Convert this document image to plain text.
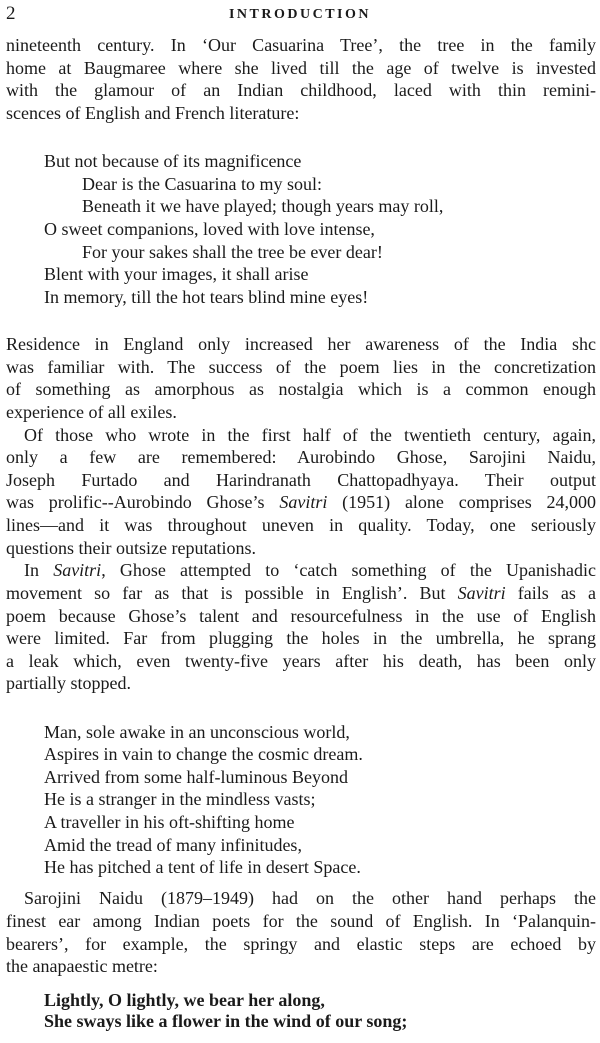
2	INTRODUCTION
nineteenth century. In ‘Our Casuarina Tree’, the tree in the family
home at Baugmaree where she lived till the age of twelve is invested
with the glamour of an Indian childhood, laced with thin remini-
scences of English and French literature:
But not because of its magnificence
Dear is the Casuarina to my soul:
Beneath it we have played; though years may roll,
O sweet companions, loved with love intense,
For your sakes shall the tree be ever dear!
Blent with your images, it shall arise
In memory, till the hot tears blind mine eyes!
Residence in England only increased her awareness of the India shc
was familiar with. The success of the poem lies in the concretization
of something as amorphous as nostalgia which is a common enough
experience of all exiles.
Of those who wrote in the first half of the twentieth century, again,
only a few are remembered: Aurobindo Ghose, Sarojini Naidu,
Joseph Furtado and Harindranath Chattopadhyaya. Their output
was prolific--Aurobindo Ghose’s Savitri (1951) alone comprises 24,000
lines—and it was throughout uneven in quality. Today, one seriously
questions their outsize reputations.
In Savitri, Ghose attempted to ‘catch something of the Upanishadic
movement so far as that is possible in English’. But Savitri fails as a
poem because Ghose’s talent and resourcefulness in the use of English
were limited. Far from plugging the holes in the umbrella, he sprang
a leak which, even twenty-five years after his death, has been only
partially stopped.
Man, sole awake in an unconscious world,
Aspires in vain to change the cosmic dream.
Arrived from some half-luminous Beyond
He is a stranger in the mindless vasts;
A traveller in his oft-shifting home
Amid the tread of many infinitudes,
He has pitched a tent of life in desert Space.
Sarojini Naidu (1879–1949) had on the other hand perhaps the
finest ear among Indian poets for the sound of English. In ‘Palanquin-
bearers’, for example, the springy and elastic steps are echoed by
the anapaestic metre:
Lightly, O lightly, we bear her along,
She sways like a flower in the wind of our song;
